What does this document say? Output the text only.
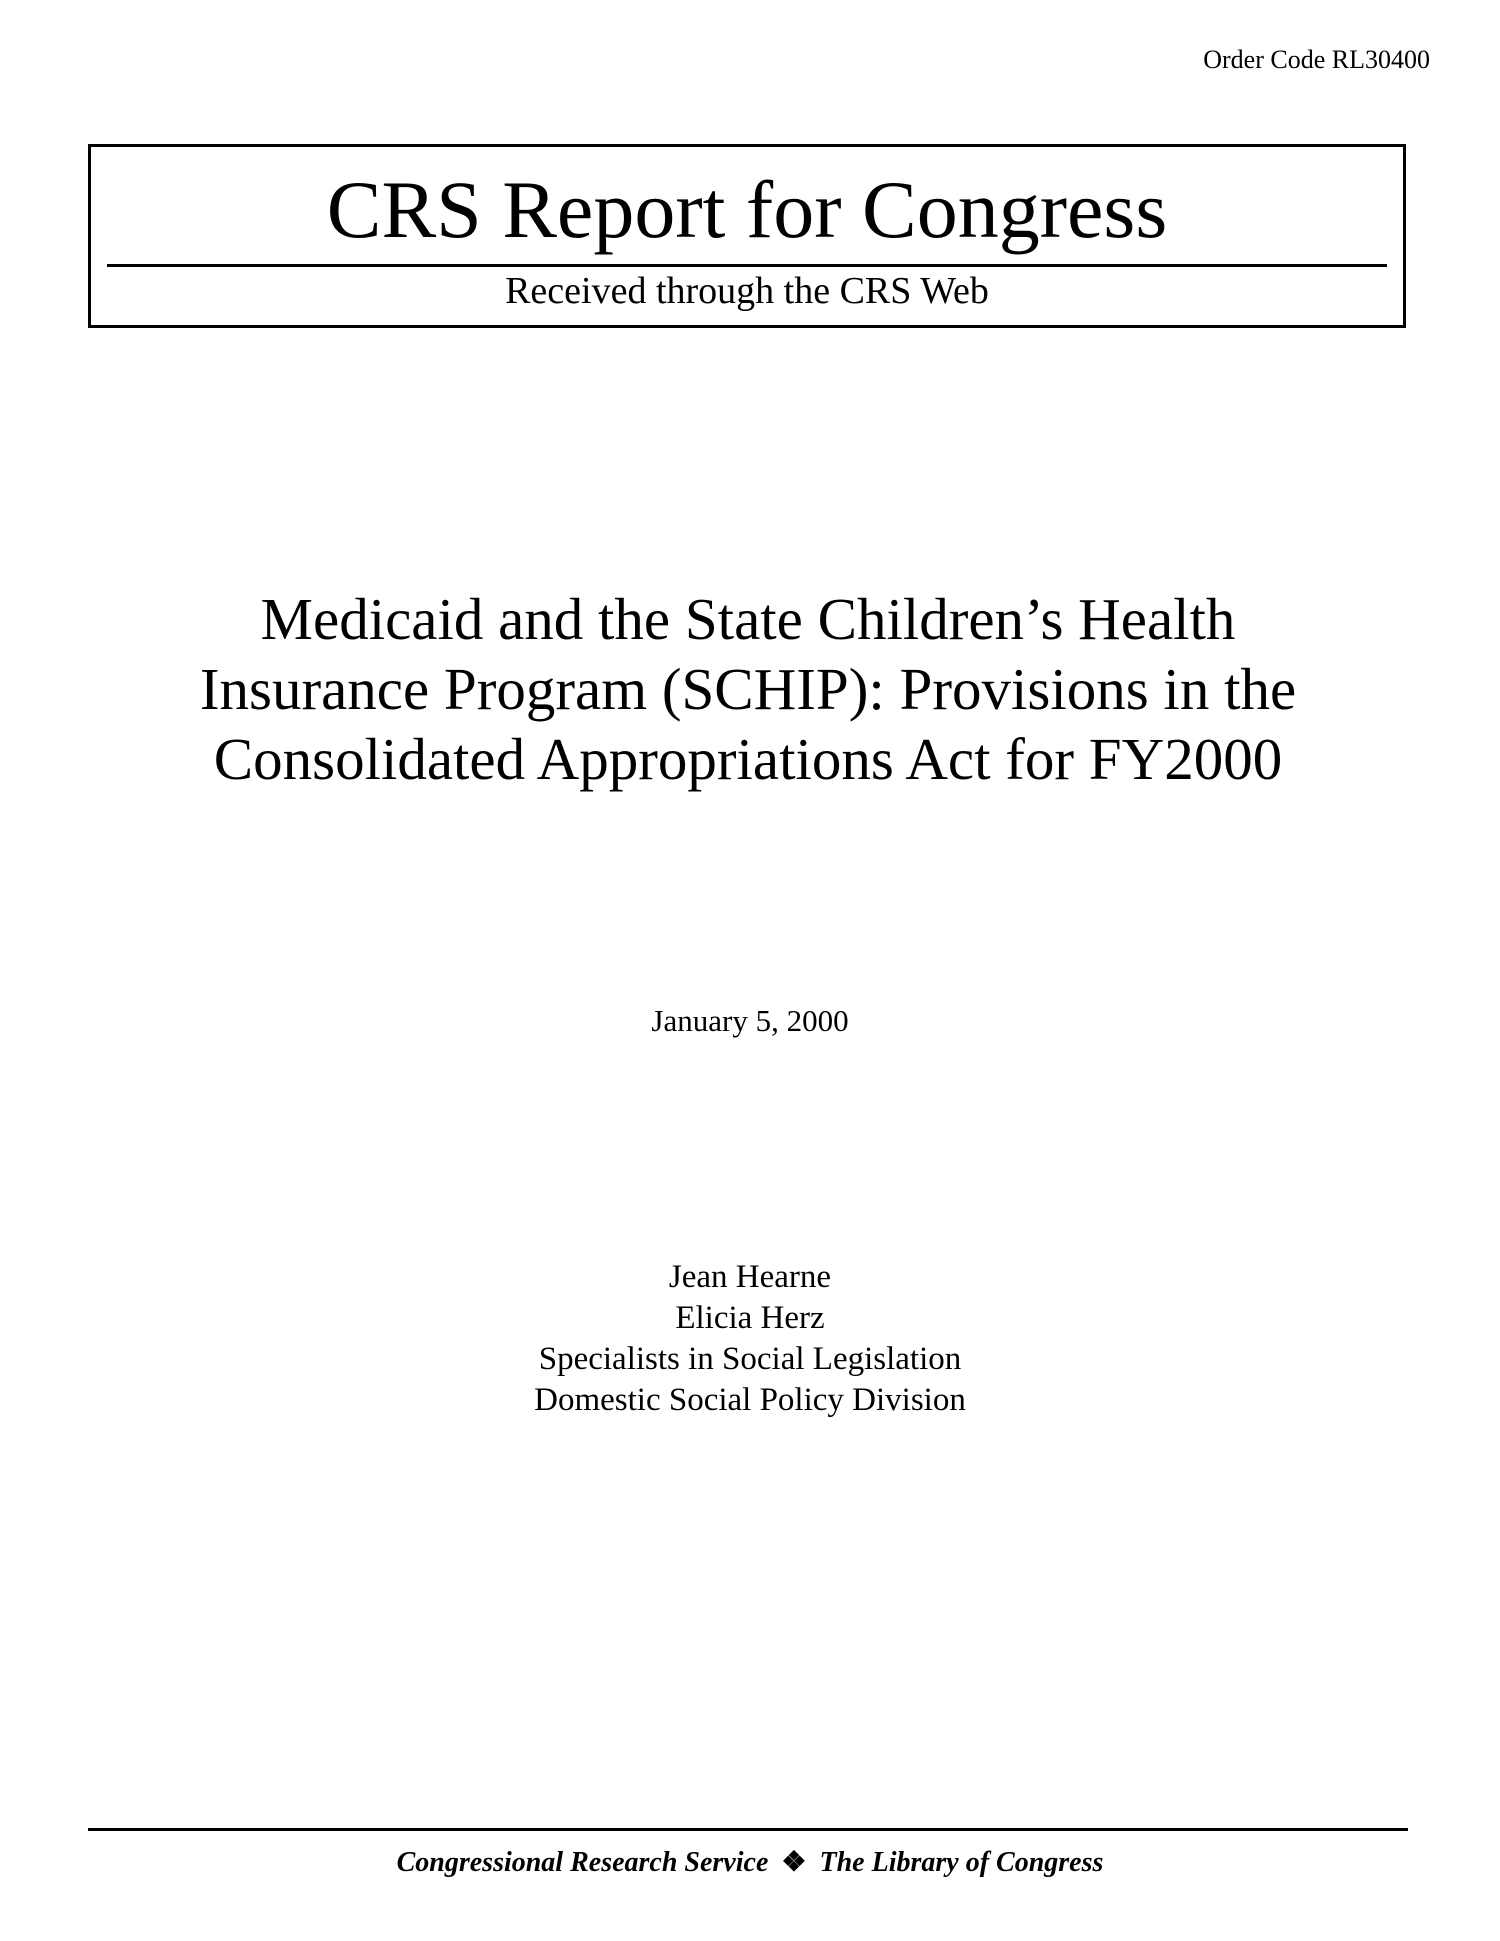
Order Code RL30400
CRS Report for Congress
Received through the CRS Web
Medicaid and the State Children’s Health
Insurance Program (SCHIP): Provisions in the
Consolidated Appropriations Act for FY2000
January 5, 2000
Jean Hearne
Elicia Herz
Specialists in Social Legislation
Domestic Social Policy Division
Congressional Research Service ❖ The Library of Congress
